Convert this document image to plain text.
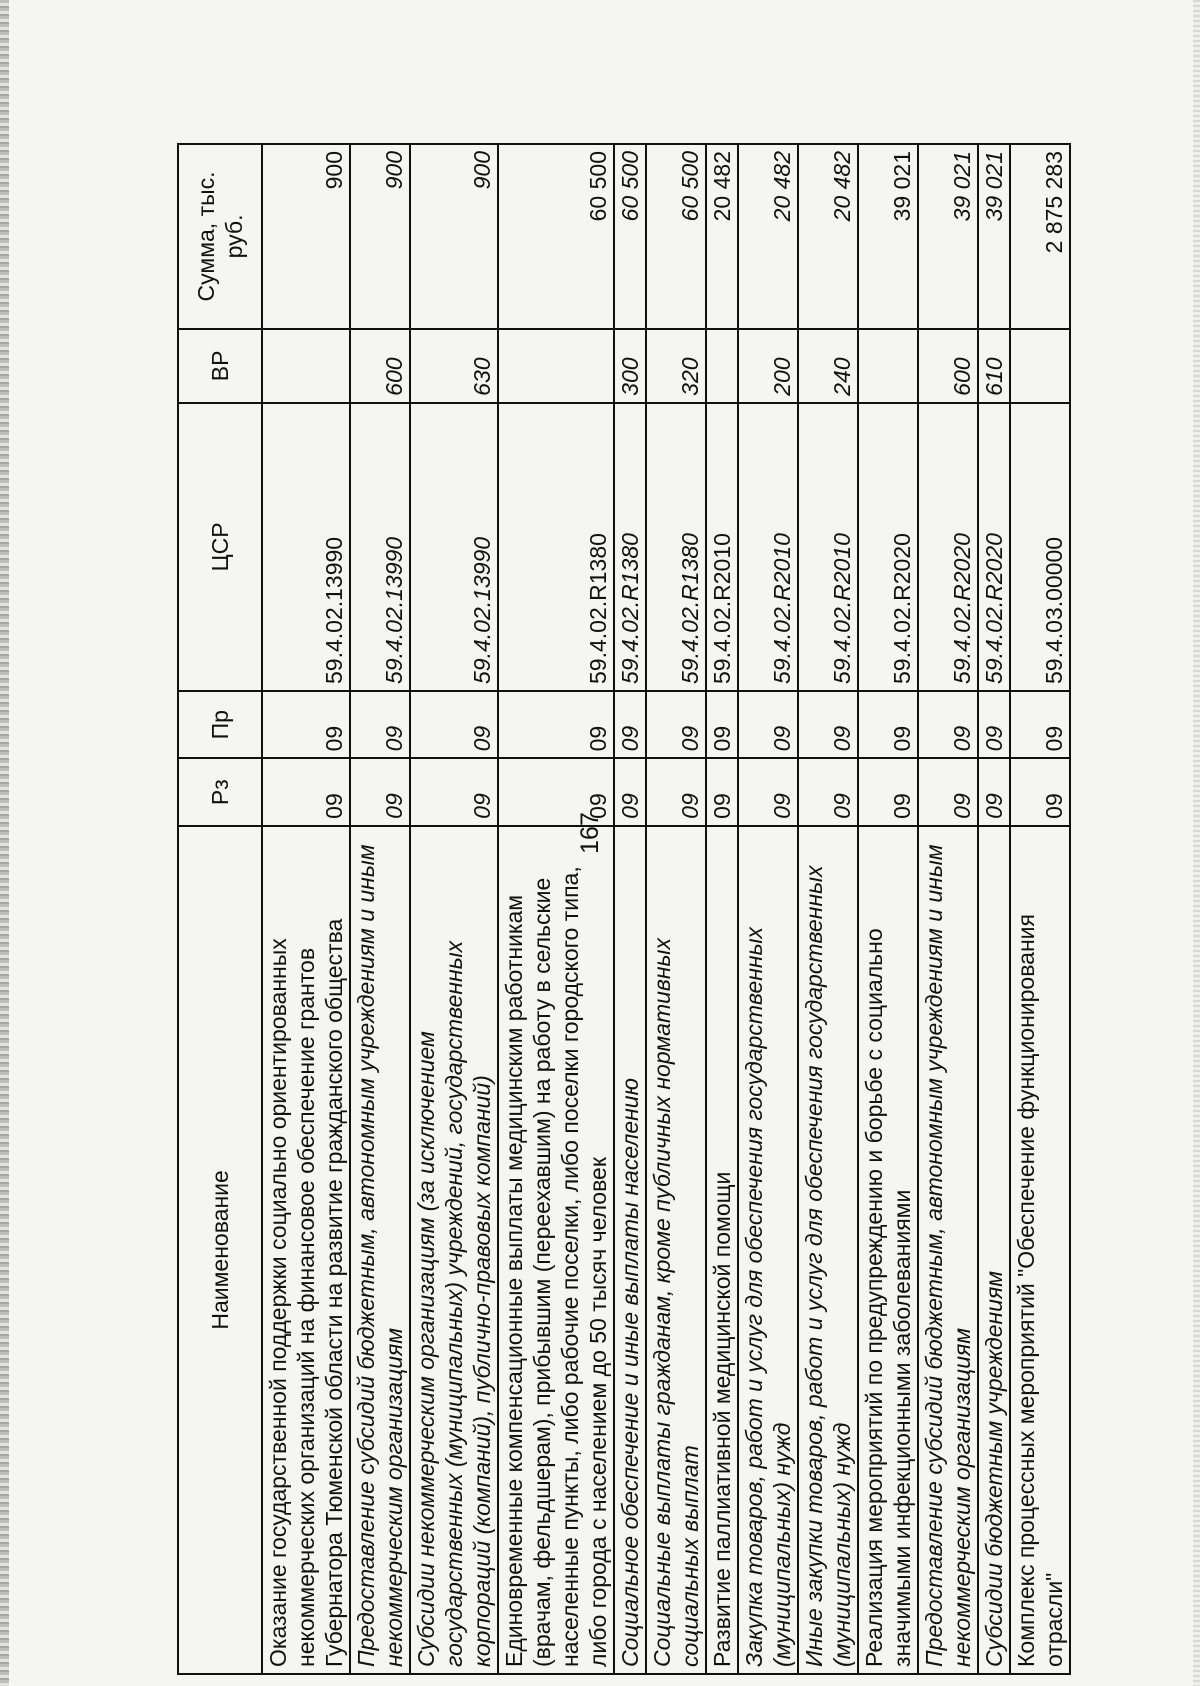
167
Наименование	Рз	Пр	ЦСР	ВР	Сумма, тыс. руб.
Оказание государственной поддержки социально ориентированных некоммерческих организаций на финансовое обеспечение грантов Губернатора Тюменской области на развитие гражданского общества	09	09	59.4.02.13990		900
Предоставление субсидий бюджетным, автономным учреждениям и иным некоммерческим организациям	09	09	59.4.02.13990	600	900
Субсидии некоммерческим организациям (за исключением государственных (муниципальных) учреждений, государственных корпораций (компаний), публично-правовых компаний)	09	09	59.4.02.13990	630	900
Единовременные компенсационные выплаты медицинским работникам (врачам, фельдшерам), прибывшим (переехавшим) на работу в сельские населенные пункты, либо рабочие поселки, либо поселки городского типа, либо города с населением до 50 тысяч человек	09	09	59.4.02.R1380		60 500
Социальное обеспечение и иные выплаты населению	09	09	59.4.02.R1380	300	60 500
Социальные выплаты гражданам, кроме публичных нормативных социальных выплат	09	09	59.4.02.R1380	320	60 500
Развитие паллиативной медицинской помощи	09	09	59.4.02.R2010		20 482
Закупка товаров, работ и услуг для обеспечения государственных (муниципальных) нужд	09	09	59.4.02.R2010	200	20 482
Иные закупки товаров, работ и услуг для обеспечения государственных (муниципальных) нужд	09	09	59.4.02.R2010	240	20 482
Реализация мероприятий по предупреждению и борьбе с социально значимыми инфекционными заболеваниями	09	09	59.4.02.R2020		39 021
Предоставление субсидий бюджетным, автономным учреждениям и иным некоммерческим организациям	09	09	59.4.02.R2020	600	39 021
Субсидии бюджетным учреждениям	09	09	59.4.02.R2020	610	39 021
Комплекс процессных мероприятий "Обеспечение функционирования отрасли"	09	09	59.4.03.00000		2 875 283
